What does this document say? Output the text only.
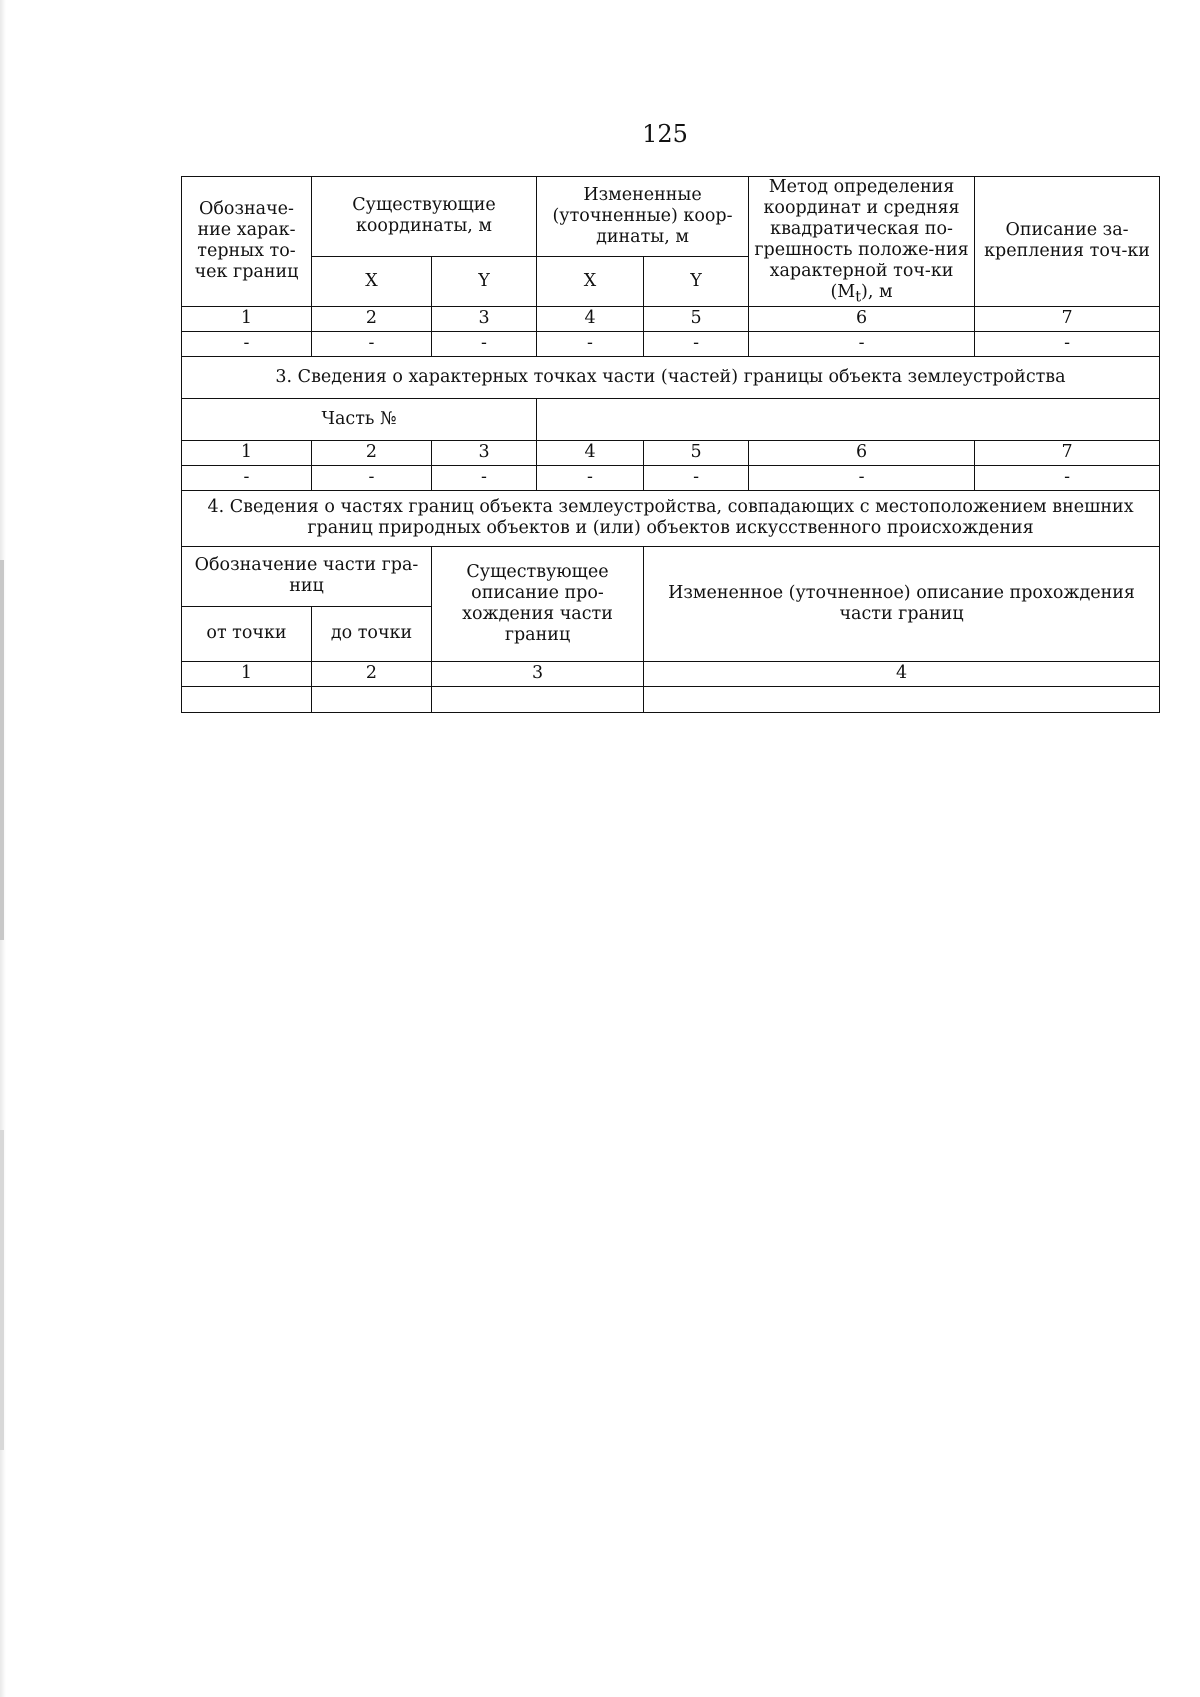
125
Обозначе-ние харак-терных то-чек границ	Существующие координаты, м		Измененные (уточненные) коор-динаты, м		Метод определения координат и средняя квадратическая по-грешность положе-ния характерной точ-ки $(M_t)$, м	Описание за-крепления точ-ки
	X	Y	X	Y		
1	2	3	4	5	6	7
-	-	-	-	-	-	-
3. Сведения о характерных точках части (частей) границы объекта землеустройства						
Часть №						
1	2	3	4	5	6	7
-	-	-	-	-	-	-
4. Сведения о частях границ объекта землеустройства, совпадающих с местоположением внешних границ природных объектов и (или) объектов искусственного происхождения						
Обозначение части гра-ниц		Существующее описание про-хождения части границ		Измененное (уточненное) описание прохождения части границ		
от точки	до точки					
1	2	3		4		
